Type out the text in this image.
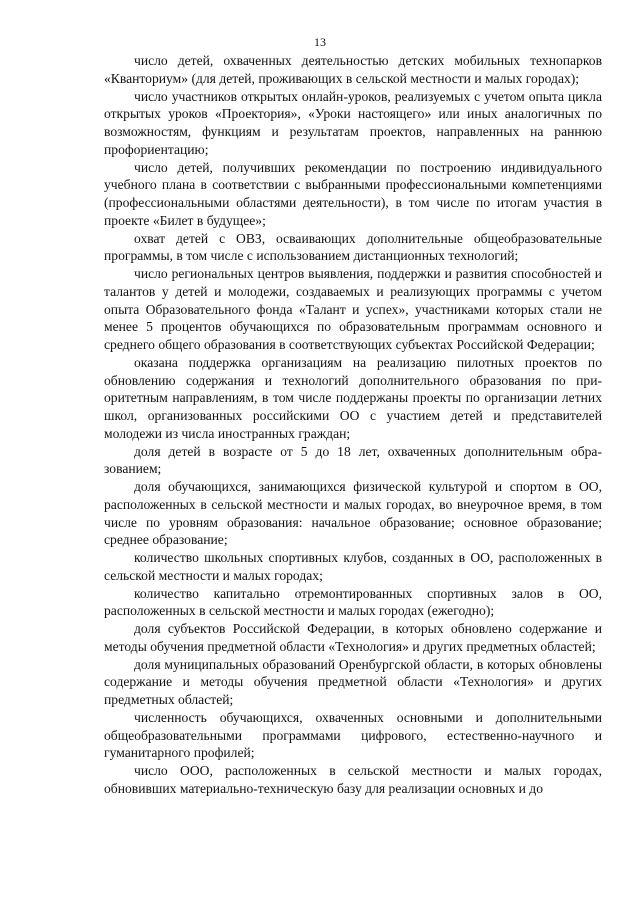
13

число детей, охваченных деятельностью детских мобильных технопарков «Кванториум» (для детей, проживающих в сельской местности и малых городах);

число участников открытых онлайн-уроков, реализуемых с учетом опыта цикла открытых уроков «Проектория», «Уроки настоящего» или иных аналогичных по возможностям, функциям и результатам проектов, направленных на раннюю профориентацию;

число детей, получивших рекомендации по построению индивидуального учебного плана в соответствии с выбранными профессиональными компетенциями (профессиональными областями деятельности), в том числе по итогам участия в проекте «Билет в будущее»;

охват детей с ОВЗ, осваивающих дополнительные общеобразовательные программы, в том числе с использованием дистанционных технологий;

число региональных центров выявления, поддержки и развития способностей и талантов у детей и молодежи, создаваемых и реализующих программы с учетом опыта Образовательного фонда «Талант и успех», участниками которых стали не менее 5 процентов обучающихся по образовательным программам основного и среднего общего образования в соответствующих субъектах Российской Федерации;

оказана поддержка организациям на реализацию пилотных проектов по обновлению содержания и технологий дополнительного образования по приоритетным направлениям, в том числе поддержаны проекты по организации летних школ, организованных российскими ОО с участием детей и представителей молодежи из числа иностранных граждан;

доля детей в возрасте от 5 до 18 лет, охваченных дополнительным образованием;

доля обучающихся, занимающихся физической культурой и спортом в ОО, расположенных в сельской местности и малых городах, во внеурочное время, в том числе по уровням образования: начальное образование; основное образование; среднее образование;

количество школьных спортивных клубов, созданных в ОО, расположенных в сельской местности и малых городах;

количество капитально отремонтированных спортивных залов в ОО, расположенных в сельской местности и малых городах (ежегодно);

доля субъектов Российской Федерации, в которых обновлено содержание и методы обучения предметной области «Технология» и других предметных областей;

доля муниципальных образований Оренбургской области, в которых обновлены содержание и методы обучения предметной области «Технология» и других предметных областей;

численность обучающихся, охваченных основными и дополнительными общеобразовательными программами цифрового, естественно-научного и гуманитарного профилей;

число ООО, расположенных в сельской местности и малых городах, обновивших материально-техническую базу для реализации основных и до
